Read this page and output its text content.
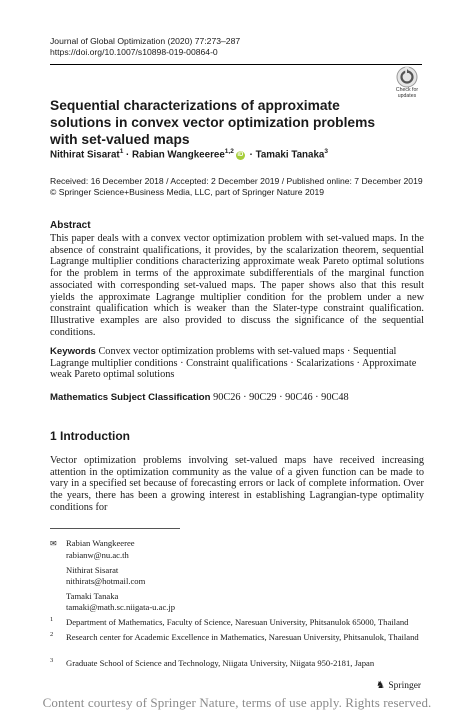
Journal of Global Optimization (2020) 77:273–287
https://doi.org/10.1007/s10898-019-00864-0
Check for
updates
Sequential characterizations of approximate solutions in convex vector optimization problems with set-valued maps
Nithirat Sisarat$^1$ · Rabian Wangkeeree$^{1,2}$iD · Tamaki Tanaka$^3$
Received: 16 December 2018 / Accepted: 2 December 2019 / Published online: 7 December 2019
© Springer Science+Business Media, LLC, part of Springer Nature 2019
Abstract
This paper deals with a convex vector optimization problem with set-valued maps. In the absence of constraint qualifications, it provides, by the scalarization theorem, sequential Lagrange multiplier conditions characterizing approximate weak Pareto optimal solutions for the problem in terms of the approximate subdifferentials of the marginal function associated with corresponding set-valued maps. The paper shows also that this result yields the approximate Lagrange multiplier condition for the problem under a new constraint qualification which is weaker than the Slater-type constraint qualification. Illustrative examples are also provided to discuss the significance of the sequential conditions.
Keywords Convex vector optimization problems with set-valued maps · Sequential Lagrange multiplier conditions · Constraint qualifications · Scalarizations · Approximate weak Pareto optimal solutions
Mathematics Subject Classification 90C26 · 90C29 · 90C46 · 90C48
1 Introduction
Vector optimization problems involving set-valued maps have received increasing attention in the optimization community as the value of a given function can be made to vary in a specified set because of forecasting errors or lack of complete information. Over the years, there has been a growing interest in establishing Lagrangian-type optimality conditions for
✉ Rabian Wangkeeree
rabianw@nu.ac.th
Nithirat Sisarat
nithirats@hotmail.com
Tamaki Tanaka
tamaki@math.sc.niigata-u.ac.jp
1	Department of Mathematics, Faculty of Science, Naresuan University, Phitsanulok 65000, Thailand
2	Research center for Academic Excellence in Mathematics, Naresuan University, Phitsanulok, Thailand
3	Graduate School of Science and Technology, Niigata University, Niigata 950-2181, Japan
♞ Springer
Content courtesy of Springer Nature, terms of use apply. Rights reserved.
